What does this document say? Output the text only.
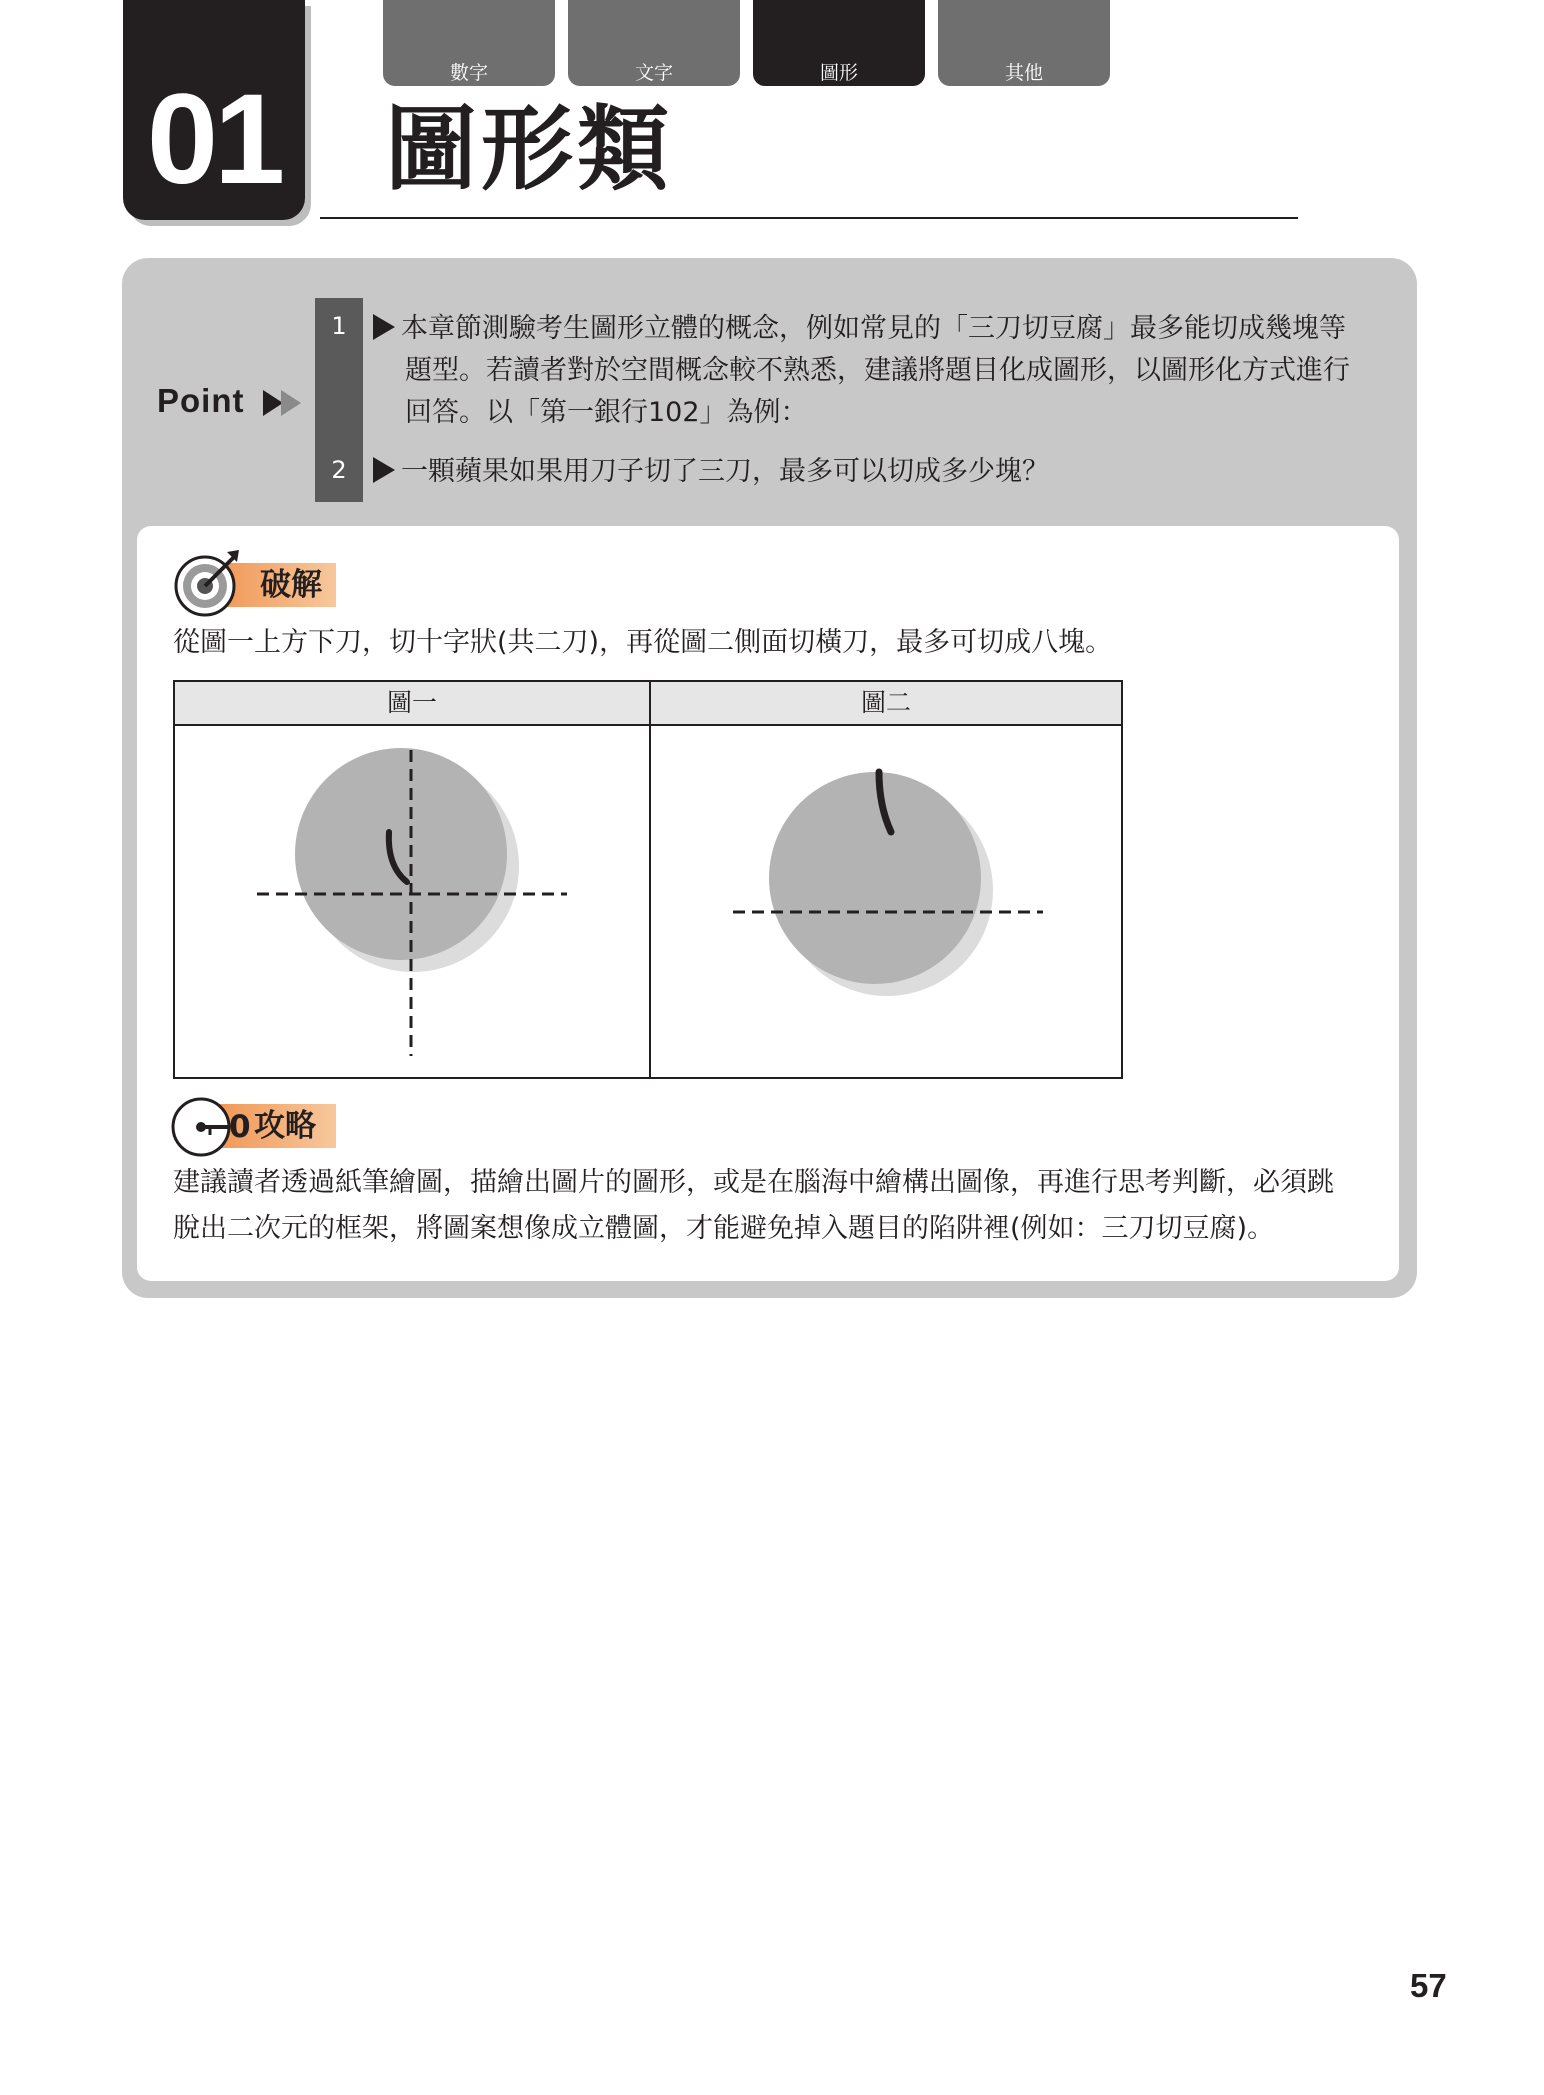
數字	文字	圖形	其他
01 圖形類
Point
1
2
本章節測驗考生圖形立體的概念，例如常見的「三刀切豆腐」最多能切成幾塊等
題型。若讀者對於空間概念較不熟悉，建議將題目化成圖形，以圖形化方式進行
回答。以「第一銀行102」為例：
一顆蘋果如果用刀子切了三刀，最多可以切成多少塊？
破解
從圖一上方下刀，切十字狀(共二刀)，再從圖二側面切橫刀，最多可切成八塊。
圖一	圖二
攻略
0
建議讀者透過紙筆繪圖，描繪出圖片的圖形，或是在腦海中繪構出圖像，再進行思考判斷，必須跳
脫出二次元的框架，將圖案想像成立體圖，才能避免掉入題目的陷阱裡(例如：三刀切豆腐)。
57
